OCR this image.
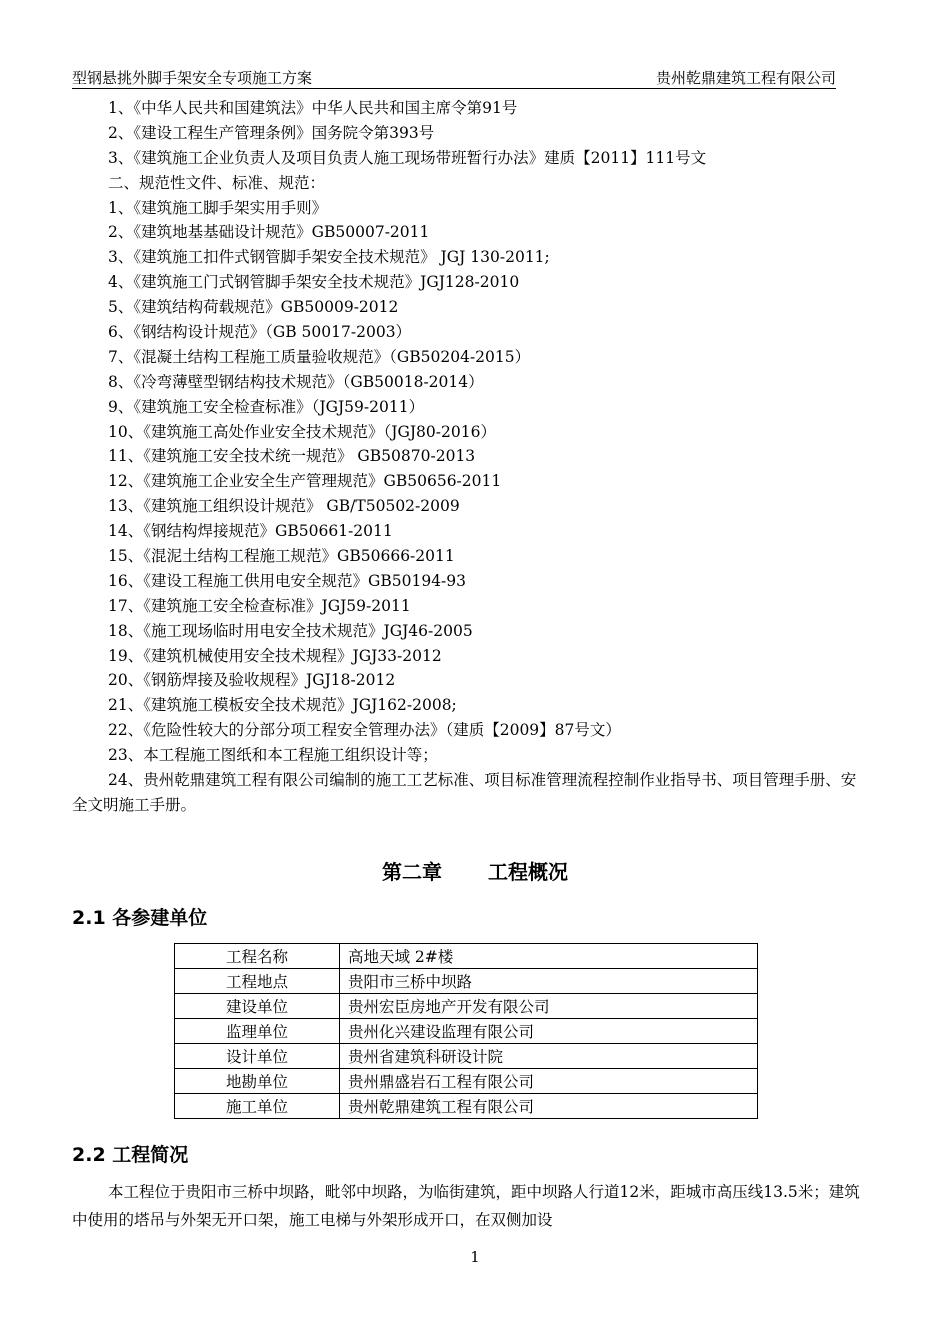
型钢悬挑外脚手架安全专项施工方案	贵州乾鼎建筑工程有限公司
1、《中华人民共和国建筑法》中华人民共和国主席令第91号
2、《建设工程生产管理条例》国务院令第393号
3、《建筑施工企业负责人及项目负责人施工现场带班暂行办法》建质【2011】111号文
二、规范性文件、标准、规范：
1、《建筑施工脚手架实用手则》
2、《建筑地基基础设计规范》GB50007-2011
3、《建筑施工扣件式钢管脚手架安全技术规范》 JGJ 130-2011;
4、《建筑施工门式钢管脚手架安全技术规范》JGJ128-2010
5、《建筑结构荷载规范》GB50009-2012
6、《钢结构设计规范》（GB 50017-2003）
7、《混凝土结构工程施工质量验收规范》（GB50204-2015）
8、《冷弯薄壁型钢结构技术规范》（GB50018-2014）
9、《建筑施工安全检查标准》（JGJ59-2011）
10、《建筑施工高处作业安全技术规范》（JGJ80-2016）
11、《建筑施工安全技术统一规范》 GB50870-2013
12、《建筑施工企业安全生产管理规范》GB50656-2011
13、《建筑施工组织设计规范》 GB/T50502-2009
14、《钢结构焊接规范》GB50661-2011
15、《混泥土结构工程施工规范》GB50666-2011
16、《建设工程施工供用电安全规范》GB50194-93
17、《建筑施工安全检查标准》JGJ59-2011
18、《施工现场临时用电安全技术规范》JGJ46-2005
19、《建筑机械使用安全技术规程》JGJ33-2012
20、《钢筋焊接及验收规程》JGJ18-2012
21、《建筑施工模板安全技术规范》JGJ162-2008;
22、《危险性较大的分部分项工程安全管理办法》（建质【2009】87号文）
23、本工程施工图纸和本工程施工组织设计等；
24、贵州乾鼎建筑工程有限公司编制的施工工艺标准、项目标准管理流程控制作业指导书、项目管理手册、安全文明施工手册。
第二章 工程概况
2.1 各参建单位
工程名称	高地天域 2#楼
工程地点	贵阳市三桥中坝路
建设单位	贵州宏臣房地产开发有限公司
监理单位	贵州化兴建设监理有限公司
设计单位	贵州省建筑科研设计院
地勘单位	贵州鼎盛岩石工程有限公司
施工单位	贵州乾鼎建筑工程有限公司
2.2 工程简况
本工程位于贵阳市三桥中坝路，毗邻中坝路，为临街建筑，距中坝路人行道12米，距城市高压线13.5米；建筑中使用的塔吊与外架无开口架，施工电梯与外架形成开口，在双侧加设
1
